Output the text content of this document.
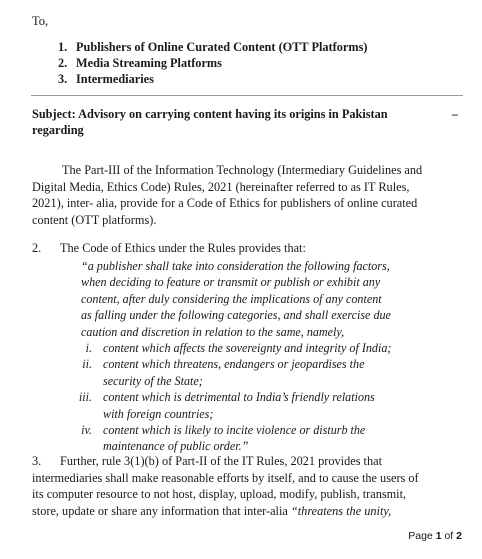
To,
1. Publishers of Online Curated Content (OTT Platforms)
2. Media Streaming Platforms
3. Intermediaries
Subject: Advisory on carrying content having its origins in Pakistan	–
regarding
The Part-III of the Information Technology (Intermediary Guidelines and
Digital Media, Ethics Code) Rules, 2021 (hereinafter referred to as IT Rules,
2021), inter- alia, provide for a Code of Ethics for publishers of online curated
content (OTT platforms).
2. The Code of Ethics under the Rules provides that:
“a publisher shall take into consideration the following factors,
when deciding to feature or transmit or publish or exhibit any
content, after duly considering the implications of any content
as falling under the following categories, and shall exercise due
caution and discretion in relation to the same, namely,
i. content which affects the sovereignty and integrity of India;
ii. content which threatens, endangers or jeopardises the
security of the State;
iii. content which is detrimental to India’s friendly relations
with foreign countries;
iv. content which is likely to incite violence or disturb the
maintenance of public order.”
3. Further, rule 3(1)(b) of Part-II of the IT Rules, 2021 provides that
intermediaries shall make reasonable efforts by itself, and to cause the users of
its computer resource to not host, display, upload, modify, publish, transmit,
store, update or share any information that inter-alia “threatens the unity,
Page 1 of 2
